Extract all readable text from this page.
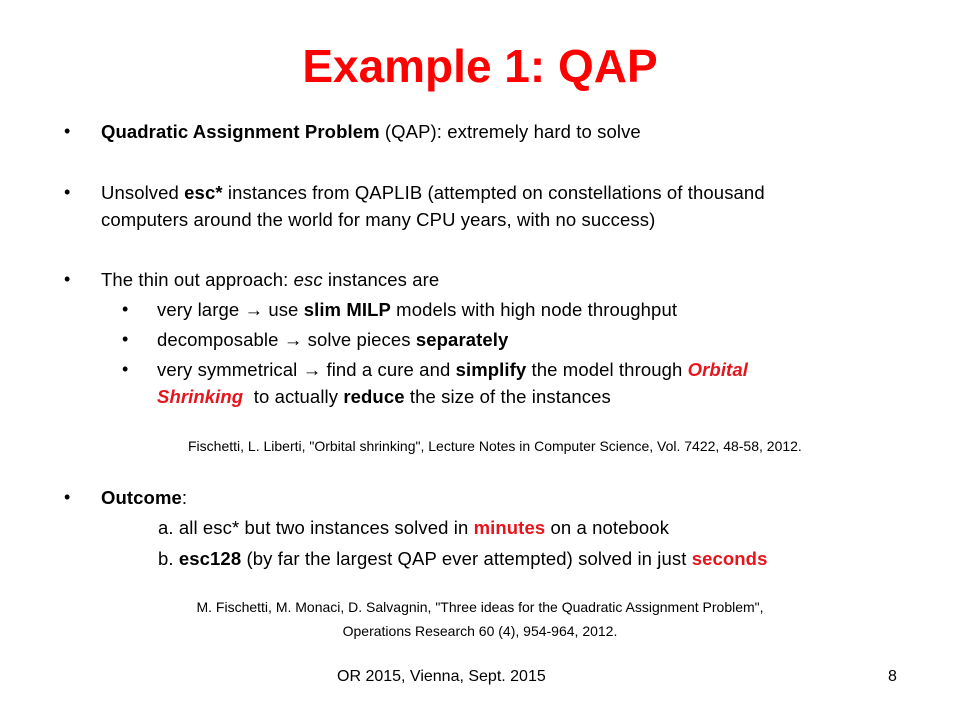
Example 1: QAP
• Quadratic Assignment Problem (QAP): extremely hard to solve
• Unsolved esc* instances from QAPLIB (attempted on constellations of thousand
computers around the world for many CPU years, with no success)
• The thin out approach: esc instances are
• very large → use slim MILP models with high node throughput
• decomposable → solve pieces separately
• very symmetrical → find a cure and simplify the model through Orbital
Shrinking  to actually reduce the size of the instances
Fischetti, L. Liberti, "Orbital shrinking", Lecture Notes in Computer Science, Vol. 7422, 48-58, 2012.
• Outcome:
a. all esc* but two instances solved in minutes on a notebook
b. esc128 (by far the largest QAP ever attempted) solved in just seconds
M. Fischetti, M. Monaci, D. Salvagnin, "Three ideas for the Quadratic Assignment Problem",
Operations Research 60 (4), 954-964, 2012.
OR 2015, Vienna, Sept. 2015	8
